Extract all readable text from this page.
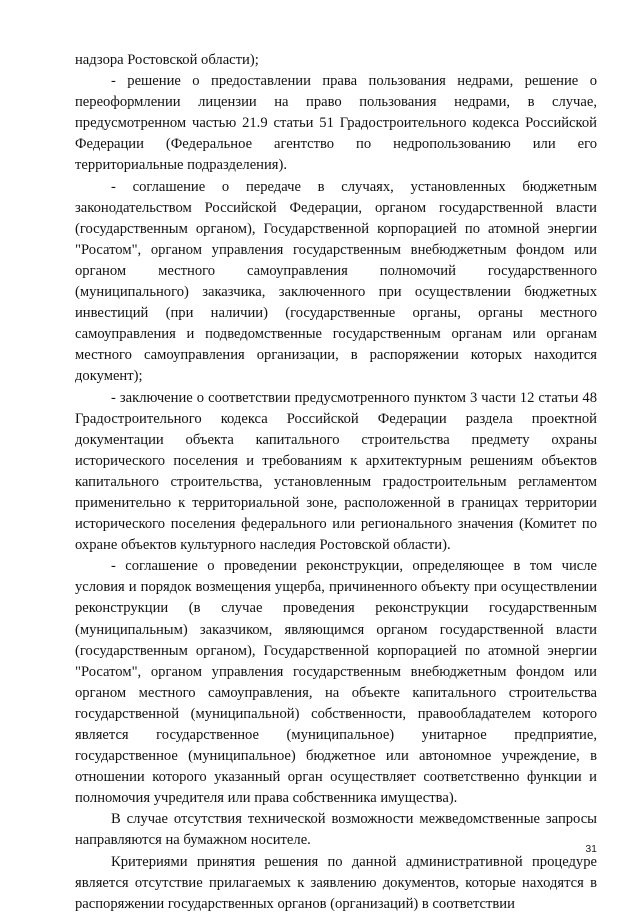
надзора Ростовской области);

- решение о предоставлении права пользования недрами, решение о переоформлении лицензии на право пользования недрами, в случае, предусмотренном частью 21.9 статьи 51 Градостроительного кодекса Российской Федерации (Федеральное агентство по недропользованию или его территориальные подразделения).

- соглашение о передаче в случаях, установленных бюджетным законодательством Российской Федерации, органом государственной власти (государственным органом), Государственной корпорацией по атомной энергии "Росатом", органом управления государственным внебюджетным фондом или органом местного самоуправления полномочий государственного (муниципального) заказчика, заключенного при осуществлении бюджетных инвестиций (при наличии) (государственные органы, органы местного самоуправления и подведомственные государственным органам или органам местного самоуправления организации, в распоряжении которых находится документ);

- заключение о соответствии предусмотренного пунктом 3 части 12 статьи 48 Градостроительного кодекса Российской Федерации раздела проектной документации объекта капитального строительства предмету охраны исторического поселения и требованиям к архитектурным решениям объектов капитального строительства, установленным градостроительным регламентом применительно к территориальной зоне, расположенной в границах территории исторического поселения федерального или регионального значения (Комитет по охране объектов культурного наследия Ростовской области).

- соглашение о проведении реконструкции, определяющее в том числе условия и порядок возмещения ущерба, причиненного объекту при осуществлении реконструкции (в случае проведения реконструкции государственным (муниципальным) заказчиком, являющимся органом государственной власти (государственным органом), Государственной корпорацией по атомной энергии "Росатом", органом управления государственным внебюджетным фондом или органом местного самоуправления, на объекте капитального строительства государственной (муниципальной) собственности, правообладателем которого является государственное (муниципальное) унитарное предприятие, государственное (муниципальное) бюджетное или автономное учреждение, в отношении которого указанный орган осуществляет соответственно функции и полномочия учредителя или права собственника имущества).

В случае отсутствия технической возможности межведомственные запросы направляются на бумажном носителе.

Критериями принятия решения по данной административной процедуре является отсутствие прилагаемых к заявлению документов, которые находятся в распоряжении государственных органов (организаций) в соответствии

31
